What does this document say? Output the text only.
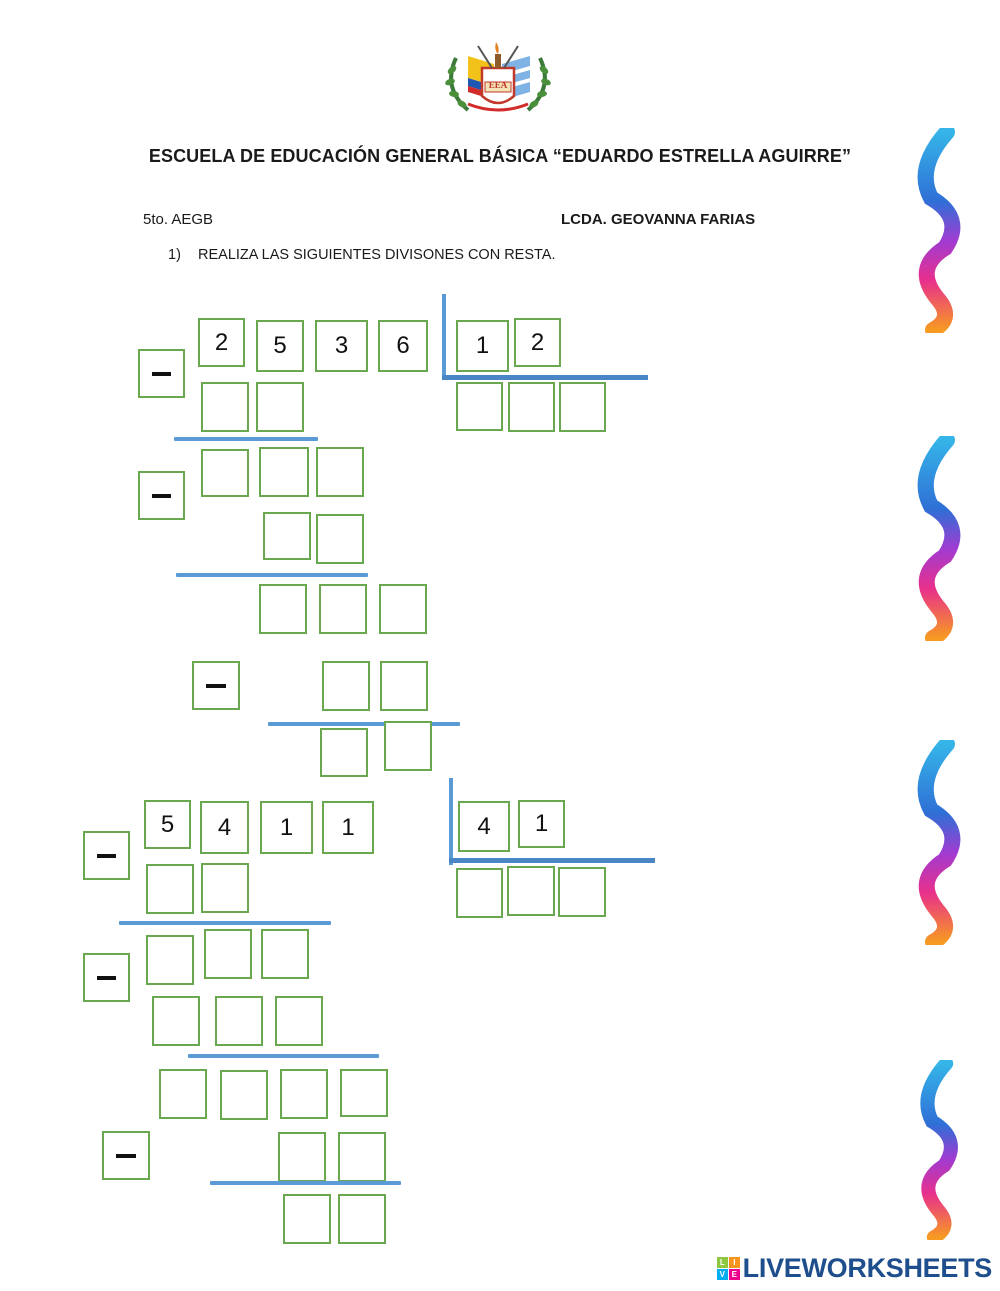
EEA
ESCUELA DE EDUCACIÓN GENERAL BÁSICA “EDUARDO ESTRELLA AGUIRRE”
5to. AEGB	LCDA. GEOVANNA FARIAS
1) REALIZA LAS SIGUIENTES DIVISONES CON RESTA.
2	5	3	6	1	2
5	4	1	1	4	1
L	I
V E LIVEWORKSHEETS
